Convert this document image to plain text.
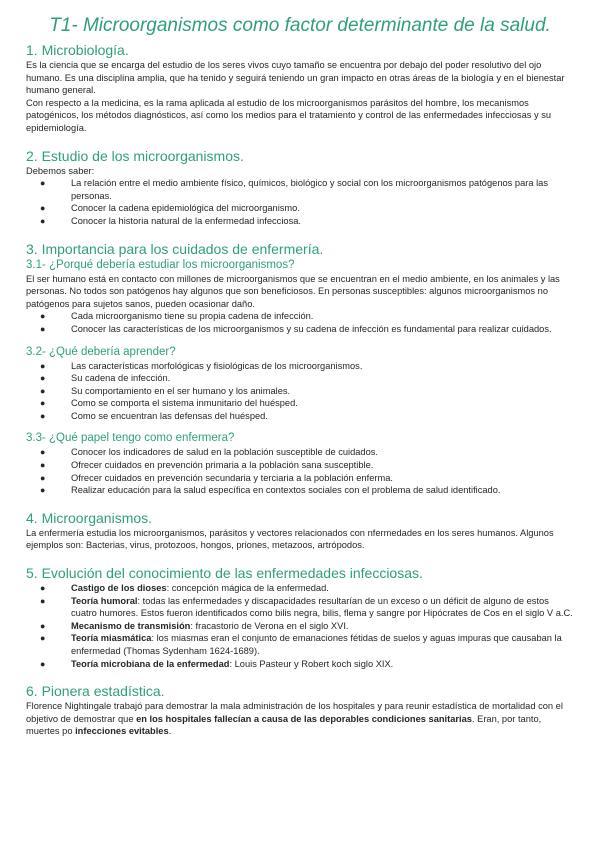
T1- Microorganismos como factor determinante de la salud.
1. Microbiología.

Es la ciencia que se encarga del estudio de los seres vivos cuyo tamaño se encuentra por debajo del poder resolutivo del ojo humano. Es una disciplina amplia, que ha tenido y seguirá teniendo un gran impacto en otras áreas de la biología y en el bienestar humano general.

Con respecto a la medicina, es la rama aplicada al estudio de los microorganismos parásitos del hombre, los mecanismos patogénicos, los métodos diagnósticos, así como los medios para el tratamiento y control de las enfermedades infecciosas y su epidemiología.

2. Estudio de los microorganismos.

Debemos saber:

●	La relación entre el medio ambiente físico, químicos, biológico y social con los microorganismos patógenos para las personas.
●	Conocer la cadena epidemiológica del microorganismo.
●	Conocer la historia natural de la enfermedad infecciosa.
3. Importancia para los cuidados de enfermería.
3.1- ¿Porqué debería estudiar los microorganismos?

El ser humano está en contacto con millones de microorganismos que se encuentran en el medio ambiente, en los animales y las personas. No todos son patógenos hay algunos que son beneficiosos. En personas susceptibles: algunos microorganismos no patógenos para sujetos sanos, pueden ocasionar daño.

●	Cada microorganismo tiene su propia cadena de infección.
●	Conocer las características de los microorganismos y su cadena de infección es fundamental para realizar cuidados.
3.2- ¿Qué debería aprender?
●	Las características morfológicas y fisiológicas de los microorganismos.
●	Su cadena de infección.
●	Su comportamiento en el ser humano y los animales.
●	Como se comporta el sistema inmunitario del huésped.
●	Como se encuentran las defensas del huésped.
3.3- ¿Qué papel tengo como enfermera?
●	Conocer los indicadores de salud en la población susceptible de cuidados.
●	Ofrecer cuidados en prevención primaria a la población sana susceptible.
●	Ofrecer cuidados en prevención secundaria y terciaria a la población enferma.
●	Realizar educación para la salud específica en contextos sociales con el problema de salud identificado.
4. Microorganismos.

La enfermería estudia los microorganismos, parásitos y vectores relacionados con nfermedades en los seres humanos. Algunos ejemplos son: Bacterias, virus, protozoos, hongos, priones, metazoos, artrópodos.

5. Evolución del conocimiento de las enfermedades infecciosas.
●	Castigo de los dioses: concepción mágica de la enfermedad.
●	Teoría humoral: todas las enfermedades y discapacidades resultarían de un exceso o un déficit de alguno de estos cuatro humores. Estos fueron identificados como bilis negra, bilis, flema y sangre por Hipócrates de Cos en el siglo V a.C.
●	Mecanismo de transmisión: fracastorio de Verona en el siglo XVI.
●	Teoría miasmática: los miasmas eran el conjunto de emanaciones fétidas de suelos y aguas impuras que causaban la enfermedad (Thomas Sydenham 1624-1689).
●	Teoría microbiana de la enfermedad: Louis Pasteur y Robert koch siglo XIX.
6. Pionera estadística.

Florence Nightingale trabajó para demostrar la mala administración de los hospitales y para reunir estadística de mortalidad con el objetivo de demostrar que en los hospitales fallecían a causa de las deporables condiciones sanitarias. Eran, por tanto, muertes po infecciones evitables.
